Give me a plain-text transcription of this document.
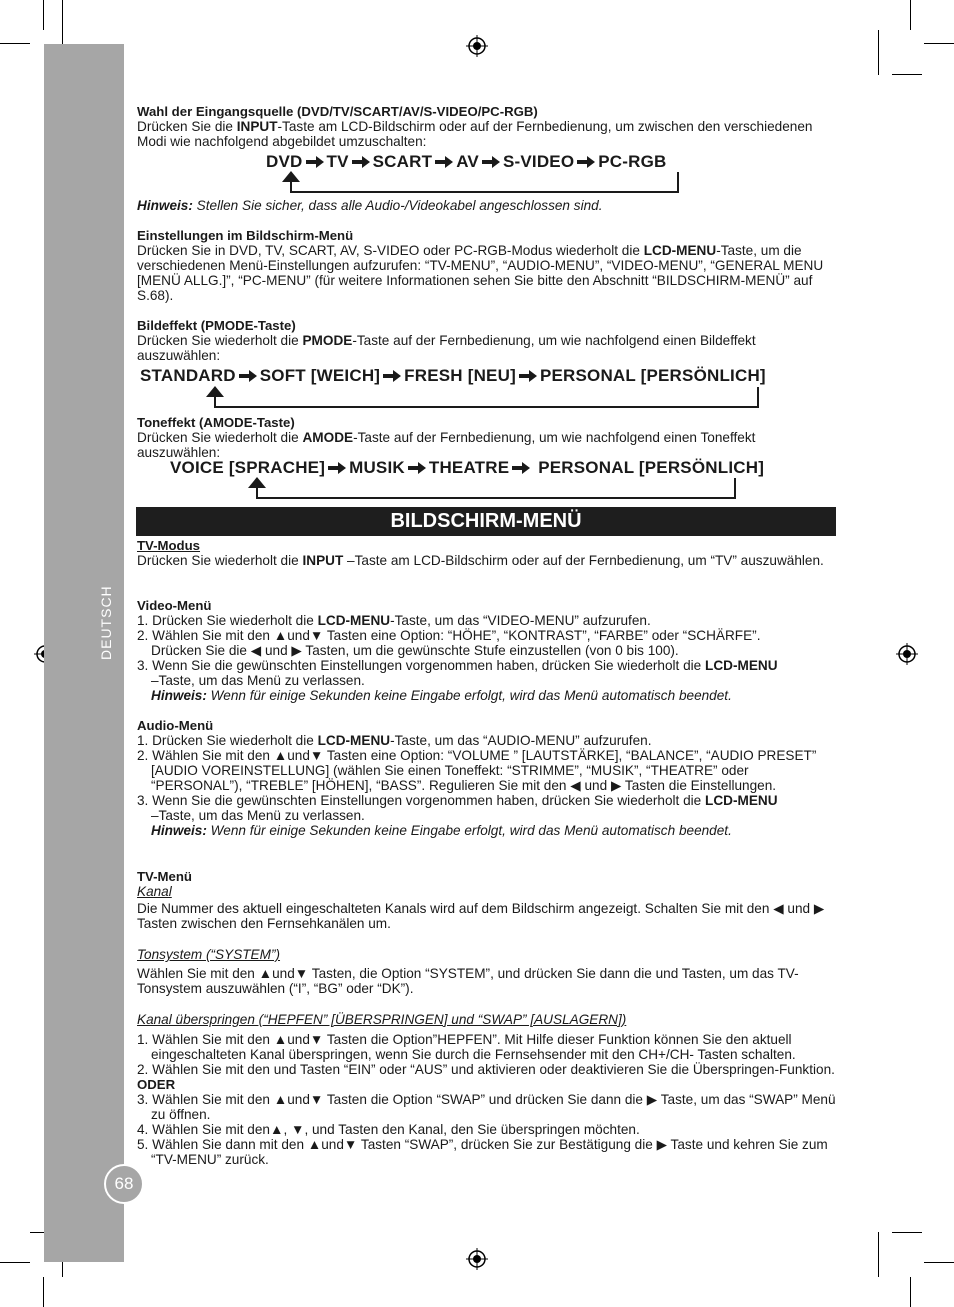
DEUTSCH
68
Wahl der Eingangsquelle (DVD/TV/SCART/AV/S-VIDEO/PC-RGB)
Drücken Sie die INPUT-Taste am LCD-Bildschirm oder auf der Fernbedienung, um zwischen den verschiedenen Modi wie nachfolgend abgebildet umzuschalten:
DVD TV SCART AV S-VIDEO PC-RGB
Hinweis: Stellen Sie sicher, dass alle Audio-/Videokabel angeschlossen sind.
Einstellungen im Bildschirm-Menü
Drücken Sie in DVD, TV, SCART, AV, S-VIDEO oder PC-RGB-Modus wiederholt die LCD-MENU-Taste, um die verschiedenen Menü-Einstellungen aufzurufen: “TV-MENU”, “AUDIO-MENU”, “VIDEO-MENU”, “GENERAL MENU [MENÜ ALLG.]”, “PC-MENU” (für weitere Informationen sehen Sie bitte den Abschnitt “BILDSCHIRM-MENÜ” auf S.68).
Bildeffekt (PMODE-Taste)
Drücken Sie wiederholt die PMODE-Taste auf der Fernbedienung, um wie nachfolgend einen Bildeffekt auszuwählen:
STANDARD SOFT [WEICH] FRESH [NEU] PERSONAL [PERSÖNLICH]
Toneffekt (AMODE-Taste)
Drücken Sie wiederholt die AMODE-Taste auf der Fernbedienung, um wie nachfolgend einen Toneffekt auszuwählen:
VOICE [SPRACHE] MUSIK THEATRE PERSONAL [PERSÖNLICH]
BILDSCHIRM-MENÜ
TV-Modus
Drücken Sie wiederholt die INPUT –Taste am LCD-Bildschirm oder auf der Fernbedienung, um “TV” auszuwählen.
Video-Menü
1. Drücken Sie wiederholt die LCD-MENU-Taste, um das “VIDEO-MENU” aufzurufen.
2. Wählen Sie mit den ▲und▼ Tasten eine Option: “HÖHE”, “KONTRAST”, “FARBE” oder “SCHÄRFE”.
Drücken Sie die ◀ und ▶ Tasten, um die gewünschte Stufe einzustellen (von 0 bis 100).
3. Wenn Sie die gewünschten Einstellungen vorgenommen haben, drücken Sie wiederholt die LCD-MENU
–Taste, um das Menü zu verlassen.
Hinweis: Wenn für einige Sekunden keine Eingabe erfolgt, wird das Menü automatisch beendet.
Audio-Menü
1. Drücken Sie wiederholt die LCD-MENU-Taste, um das “AUDIO-MENU” aufzurufen.
2. Wählen Sie mit den ▲und▼ Tasten eine Option: “VOLUME ” [LAUTSTÄRKE], “BALANCE”, “AUDIO PRESET” [AUDIO VOREINSTELLUNG] (wählen Sie einen Toneffekt: “STRIMME”, “MUSIK”, “THEATRE” oder “PERSONAL”), “TREBLE” [HÖHEN], “BASS”. Regulieren Sie mit den ◀ und ▶ Tasten die Einstellungen.
3. Wenn Sie die gewünschten Einstellungen vorgenommen haben, drücken Sie wiederholt die LCD-MENU
–Taste, um das Menü zu verlassen.
Hinweis: Wenn für einige Sekunden keine Eingabe erfolgt, wird das Menü automatisch beendet.
TV-Menü
Kanal
Die Nummer des aktuell eingeschalteten Kanals wird auf dem Bildschirm angezeigt. Schalten Sie mit den ◀ und ▶ Tasten zwischen den Fernsehkanälen um.
Tonsystem (“SYSTEM”)
Wählen Sie mit den ▲und▼ Tasten, die Option “SYSTEM”, und drücken Sie dann die und Tasten, um das TV-Tonsystem auszuwählen (“I”, “BG” oder “DK”).
Kanal überspringen (“HEPFEN” [ÜBERSPRINGEN] und “SWAP” [AUSLAGERN])
1. Wählen Sie mit den ▲und▼ Tasten die Option”HEPFEN”. Mit Hilfe dieser Funktion können Sie den aktuell eingeschalteten Kanal überspringen, wenn Sie durch die Fernsehsender mit den CH+/CH- Tasten schalten.
2. Wählen Sie mit den und Tasten “EIN” oder “AUS” und aktivieren oder deaktivieren Sie die Überspringen-Funktion.
ODER
3. Wählen Sie mit den ▲und▼ Tasten die Option “SWAP” und drücken Sie dann die ▶ Taste, um das “SWAP” Menü zu öffnen.
4. Wählen Sie mit den▲, ▼, und Tasten den Kanal, den Sie überspringen möchten.
5. Wählen Sie dann mit den ▲und▼ Tasten “SWAP”, drücken Sie zur Bestätigung die ▶ Taste und kehren Sie zum “TV-MENU” zurück.
